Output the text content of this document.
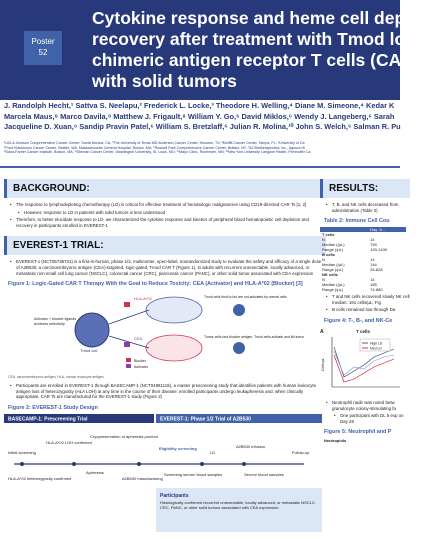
Poster
52
Cytokine response and heme cell deple
recovery after treatment with Tmod log
chimeric antigen receptor T cells (CAR
with solid tumors
J. Randolph Hecht,¹ Sattva S. Neelapu,² Frederick L. Locke,³ Theodore H. Welling,⁴ Diane M. Simeone,⁴ Kedar K
Marcela Maus,⁸ Marco Davila,⁹ Matthew J. Frigault,⁸ William Y. Go,⁶ David Miklos,⁶ Wendy J. Langeberg,⁶ Sarah
Jacqueline D. Xuan,⁶ Sandip Pravin Patel,⁶ William S. Bretzlaff,⁶ Julian R. Molina,¹⁰ John S. Welch,⁶ Salman R. Pu
¹UCLA Jonsson Comprehensive Cancer Center, Santa Monica, CA; ²The University of Texas MD Anderson Cancer Center, Houston, TX; ³Moffitt Cancer Center, Tampa, FL; ⁴University of Ca
⁵Fred Hutchinson Cancer Center, Seattle, WA; Massachusetts General Hospital, Boston, MA; ⁶Roswell Park Comprehensive Cancer Center, Buffalo, NY; ⁷A2 Biotherapeutics, Inc., Agoura Hi
⁸Dana-Farber Cancer Institute, Boston, MA; ⁹Siteman Cancer Center, Washington University, St. Louis, MO; ¹⁰Mayo Clinic, Rochester, MN; ¹¹New York University Langone Health, Perlmutter Ca
BACKGROUND:
• The response to lymphodepleting chemotherapy (LD) is critical for effective treatment of hematologic malignancies using CD19-directed CAR Ts [1, 2]
• However, response to LD in patients with solid tumors is less understood
• Therefore, to better elucidate response to LD, we characterized the cytokine response and kinetics of peripheral blood hematopoietic cell depletion and recovery in participants enrolled in EVEREST-1
EVEREST-1 TRIAL:
• EVEREST-1 (NCT05736731) is a first-in-human, phase 1/2, multicenter, open-label, nonrandomized study to evaluate the safety and efficacy of a single dose of A2B530, a carcinoembryonic antigen (CEA)-targeted, logic-gated, Tmod CAR T (Figure 1), in adults with recurrent unresectable, locally advanced, or metastatic non-small cell lung cancer (NSCLC), colorectal cancer (CRC), pancreatic cancer (PANC), or other solid tumor associated with CEA expression
Figure 1: Logic-Gated CAR T Therapy With the Goal to Reduce Toxicity: CEA (Activator) and HLA-A*02 (Blocker) [3]
HLA-A*02
CEA
Tmod cell
Activator + blocker ligands
achieves selectivity
Tmod cells bind to but are not activated by normal cells
Tumor cells lack blocker antigen, Tmod cells activate and kill tumor
Blocker
Activator
CEA, carcinoembryonic antigen; HLA, human leukocyte antigen.
• Participants are enrolled in EVEREST-1 through BASECAMP-1 (NCT04981119), a master prescreening study that identifies patients with human leukocyte antigen loss of heterozygosity (HLA LOH) at any time in the course of their disease; enrolled participants undergo leukapheresis and, when clinically appropriate, CAR Ts are manufactured for the EVEREST-1 study (Figure 2)
Figure 2: EVEREST-1 Study Design
BASECAMP-1: Prescreening Trial	EVEREST-1: Phase 1/2 Trial of A2B530
Initial screening
HLA-A*02 LOH confirmed
Cryopreservation of apheresis product
Apheresis
HLA-A*02 heterozygosity confirmed	A2B530 manufacturing
Eligibility screening
LD
A2B530 infusion
Follow-up
Screening serum/ blood samples	Serum/ blood samples
Participants
Histologically confirmed recurrent unresectable, locally advanced, or metastatic NSCLC, CRC, PANC, or other solid tumors associated with CEA expression
RESULTS:
• T, B, and NK cells decreased from administration (Table 2)
Table 2: Immune Cell Cou
	Day -5 ...
T cells	
N	14
Median (/µL)	759
Range (/µL)	193-1430
B cells	
N	14
Median (/µL)	144
Range (/µL)	26-828
NK cells	
N	14
Median (/µL)	185
Range (/µL)	74-880
• T and NK cells recovered slowly NK cell median: 191 cells/µL, Fig
• B cells remained low through Da
Figure 4: T-, B-, and NK-Ce
A	T cells
Cells/µL
High LD
Med LD
• Neutrophil nadir was noted betw granulocyte colony-stimulating fa
• One participant with DL 5 exp on Day 28
Figure 5: Neutrophil and P
Neutrophils
